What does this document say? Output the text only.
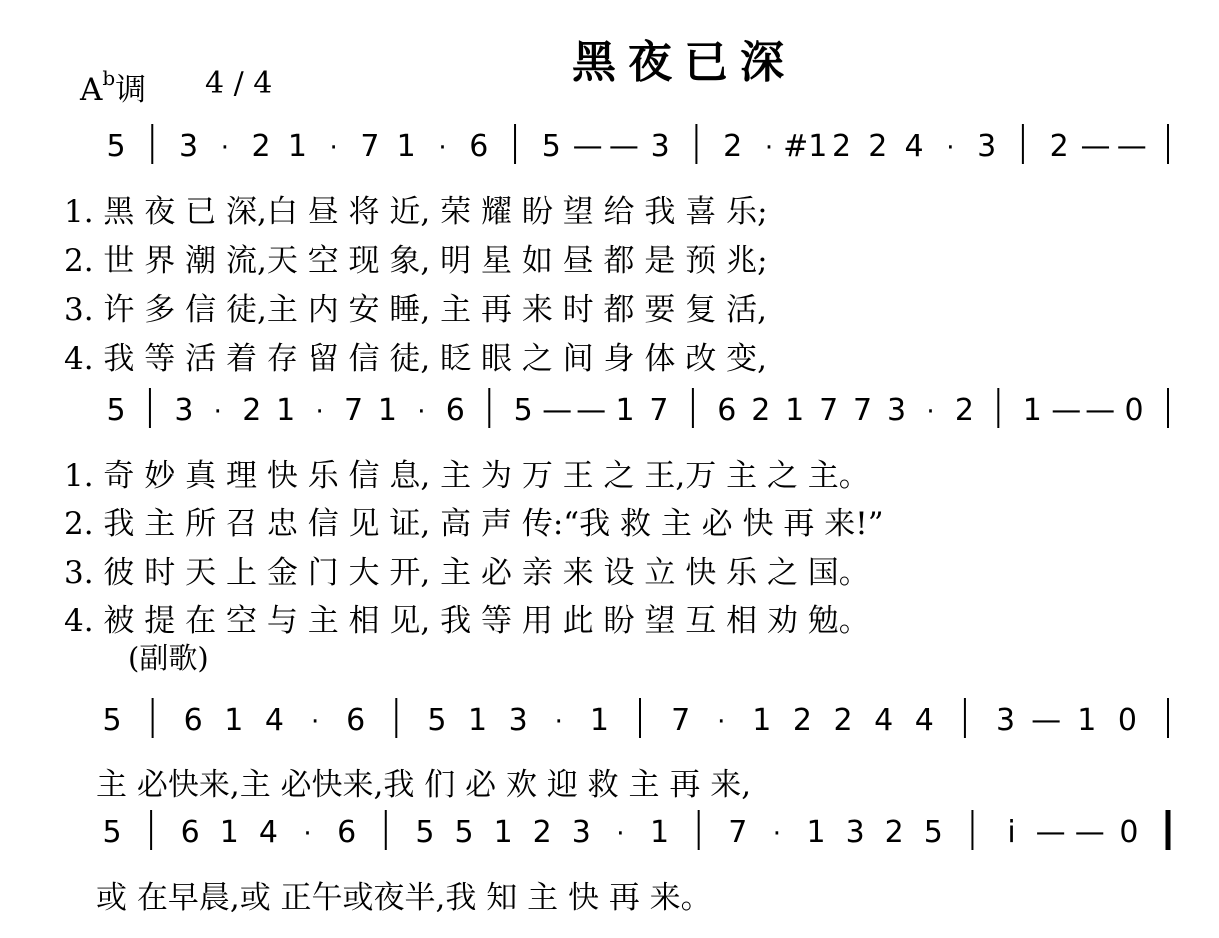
黑夜已深
$A^b$调 4 / 4
5 3 · 2 1 · 7 1 · 6 5 — — 3 2 · #1 2 2 4 · 3 2 — —
5 3 · 2 1 · 7 1 · 6 5 — — 1 7 6 2 1 7 7 3 · 2 1 — — 0
5 6 1 4 · 6 5 1 3 · 1 7 · 1 2 2 4 4 3 — 1 0
5 6 1 4 · 6 5 5 1 2 3 · 1 7 · 1 3 2 5 i — — 0
1. 黑 夜 已 深,白 昼 将 近, 荣 耀 盼 望 给 我 喜 乐;
2. 世 界 潮 流,天 空 现 象, 明 星 如 昼 都 是 预 兆;
3. 许 多 信 徒,主 内 安 睡, 主 再 来 时 都 要 复 活,
4. 我 等 活 着 存 留 信 徒, 眨 眼 之 间 身 体 改 变,
1. 奇 妙 真 理 快 乐 信 息, 主 为 万 王 之 王,万 主 之 主。
2. 我 主 所 召 忠 信 见 证, 高 声 传:“我 救 主 必 快 再 来!”
3. 彼 时 天 上 金 门 大 开, 主 必 亲 来 设 立 快 乐 之 国。
4. 被 提 在 空 与 主 相 见, 我 等 用 此 盼 望 互 相 劝 勉。
(副歌)
主 必快来,主 必快来,我 们 必 欢 迎 救 主 再 来,
或 在早晨,或 正午或夜半,我 知 主 快 再 来。
